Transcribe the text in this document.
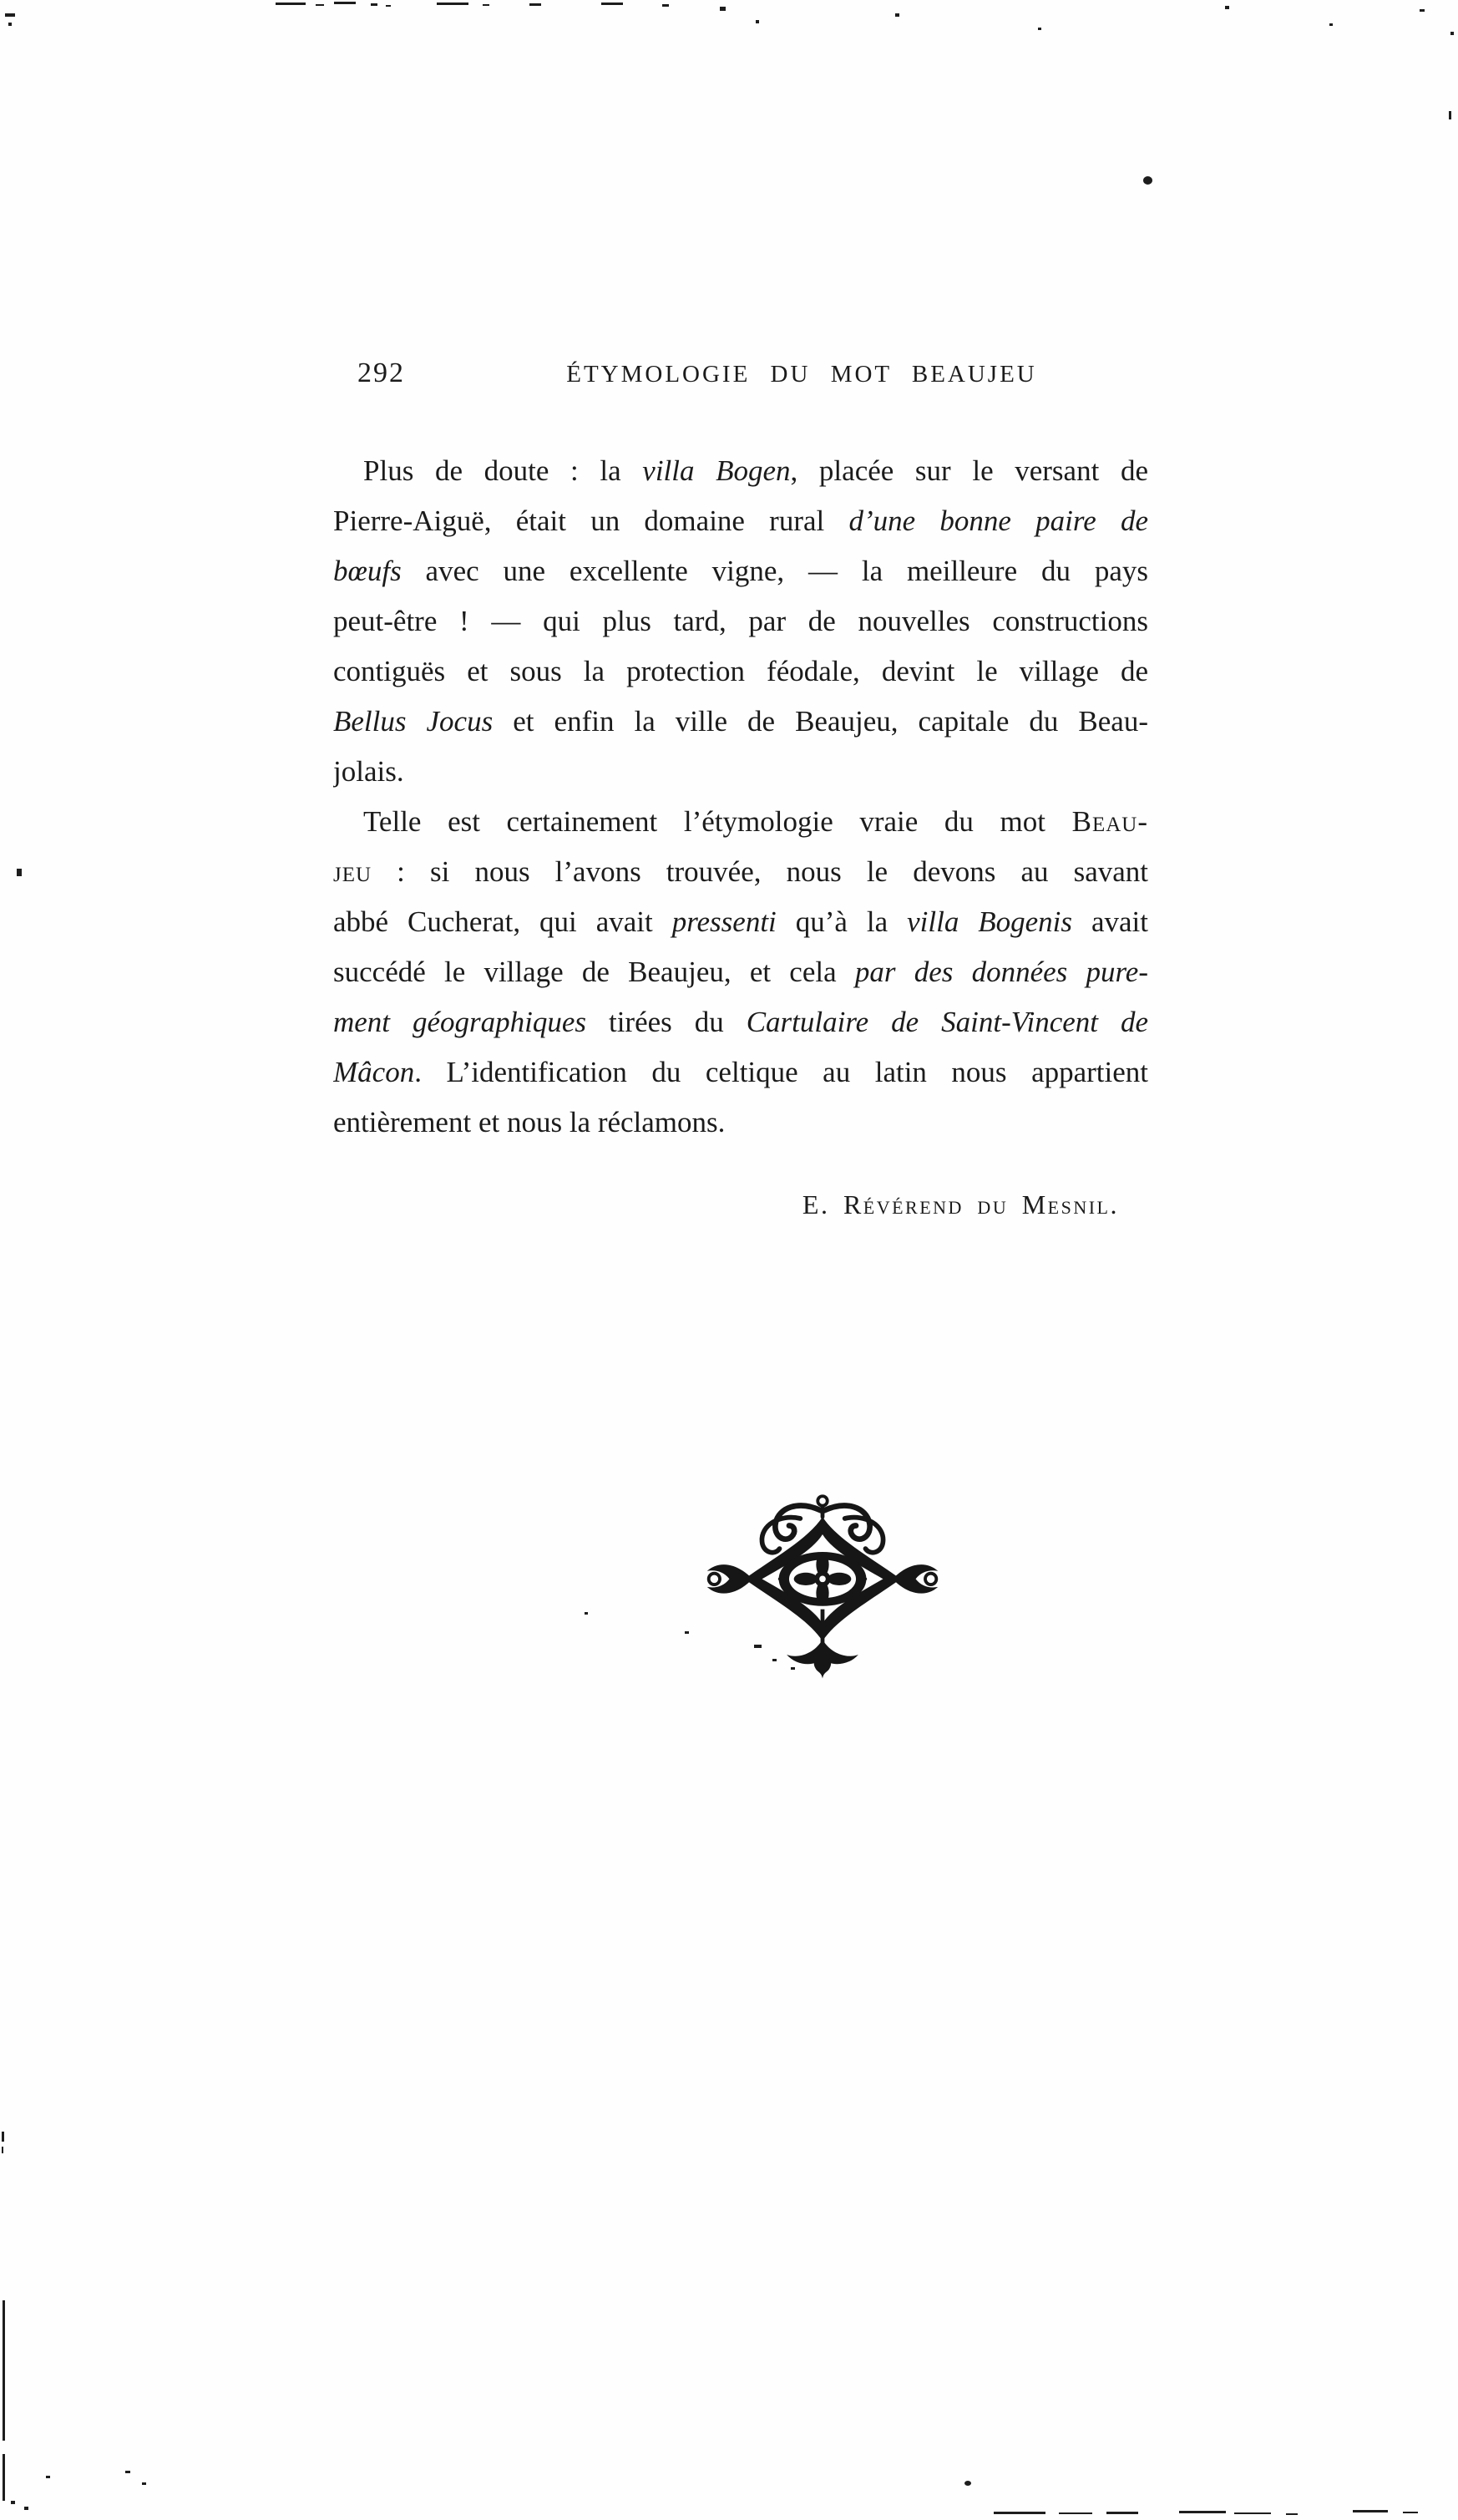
292	ÉTYMOLOGIE DU MOT BEAUJEU
Plus de doute : la villa Bogen, placée sur le versant de
Pierre-Aiguë, était un domaine rural d’une bonne paire de
bœufs avec une excellente vigne, — la meilleure du pays
peut-être ! — qui plus tard, par de nouvelles constructions
contiguës et sous la protection féodale, devint le village de
Bellus Jocus et enfin la ville de Beaujeu, capitale du Beau-
jolais.
Telle est certainement l’étymologie vraie du mot Beau-
jeu : si nous l’avons trouvée, nous le devons au savant
abbé Cucherat, qui avait pressenti qu’à la villa Bogenis avait
succédé le village de Beaujeu, et cela par des données pure-
ment géographiques tirées du Cartulaire de Saint-Vincent de
Mâcon. L’identification du celtique au latin nous appartient
entièrement et nous la réclamons.
E. Révérend du Mesnil.
